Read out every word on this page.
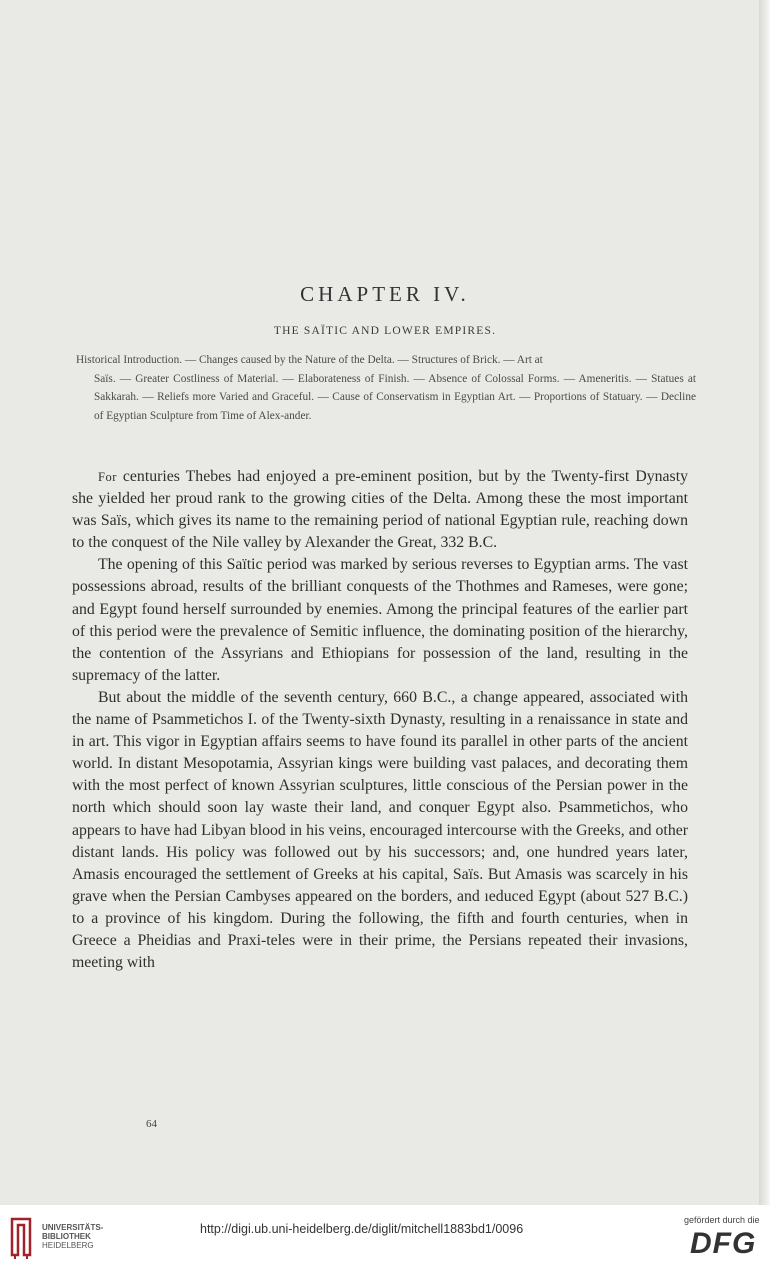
CHAPTER IV.
THE SAÏTIC AND LOWER EMPIRES.
Historical Introduction. — Changes caused by the Nature of the Delta. — Structures of Brick. — Art at
Saïs. — Greater Costliness of Material. — Elaborateness of Finish. — Absence of Colossal Forms. — Ameneritis. — Statues at Sakkarah. — Reliefs more Varied and Graceful. — Cause of Conservatism in Egyptian Art. — Proportions of Statuary. — Decline of Egyptian Sculpture from Time of Alex-ander.

For centuries Thebes had enjoyed a pre-eminent position, but by the Twenty-first Dynasty she yielded her proud rank to the growing cities of the Delta. Among these the most important was Saïs, which gives its name to the remaining period of national Egyptian rule, reaching down to the conquest of the Nile valley by Alexander the Great, 332 B.C.

The opening of this Saïtic period was marked by serious reverses to Egyptian arms. The vast possessions abroad, results of the brilliant conquests of the Thothmes and Rameses, were gone; and Egypt found herself surrounded by enemies. Among the principal features of the earlier part of this period were the prevalence of Semitic influence, the dominating position of the hierarchy, the contention of the Assyrians and Ethiopians for possession of the land, resulting in the supremacy of the latter.

But about the middle of the seventh century, 660 B.C., a change appeared, associated with the name of Psammetichos I. of the Twenty-sixth Dynasty, resulting in a renaissance in state and in art. This vigor in Egyptian affairs seems to have found its parallel in other parts of the ancient world. In distant Mesopotamia, Assyrian kings were building vast palaces, and decorating them with the most perfect of known Assyrian sculptures, little conscious of the Persian power in the north which should soon lay waste their land, and conquer Egypt also. Psammetichos, who appears to have had Libyan blood in his veins, encouraged intercourse with the Greeks, and other distant lands. His policy was followed out by his successors; and, one hundred years later, Amasis encouraged the settlement of Greeks at his capital, Saïs. But Amasis was scarcely in his grave when the Persian Cambyses appeared on the borders, and ıeduced Egypt (about 527 B.C.) to a province of his kingdom. During the following, the fifth and fourth centuries, when in Greece a Pheidias and Praxi-teles were in their prime, the Persians repeated their invasions, meeting with

64
UNIVERSITÄTS-
BIBLIOTHEK
HEIDELBERG
http://digi.ub.uni-heidelberg.de/diglit/mitchell1883bd1/0096
gefördert durch die
DFG
